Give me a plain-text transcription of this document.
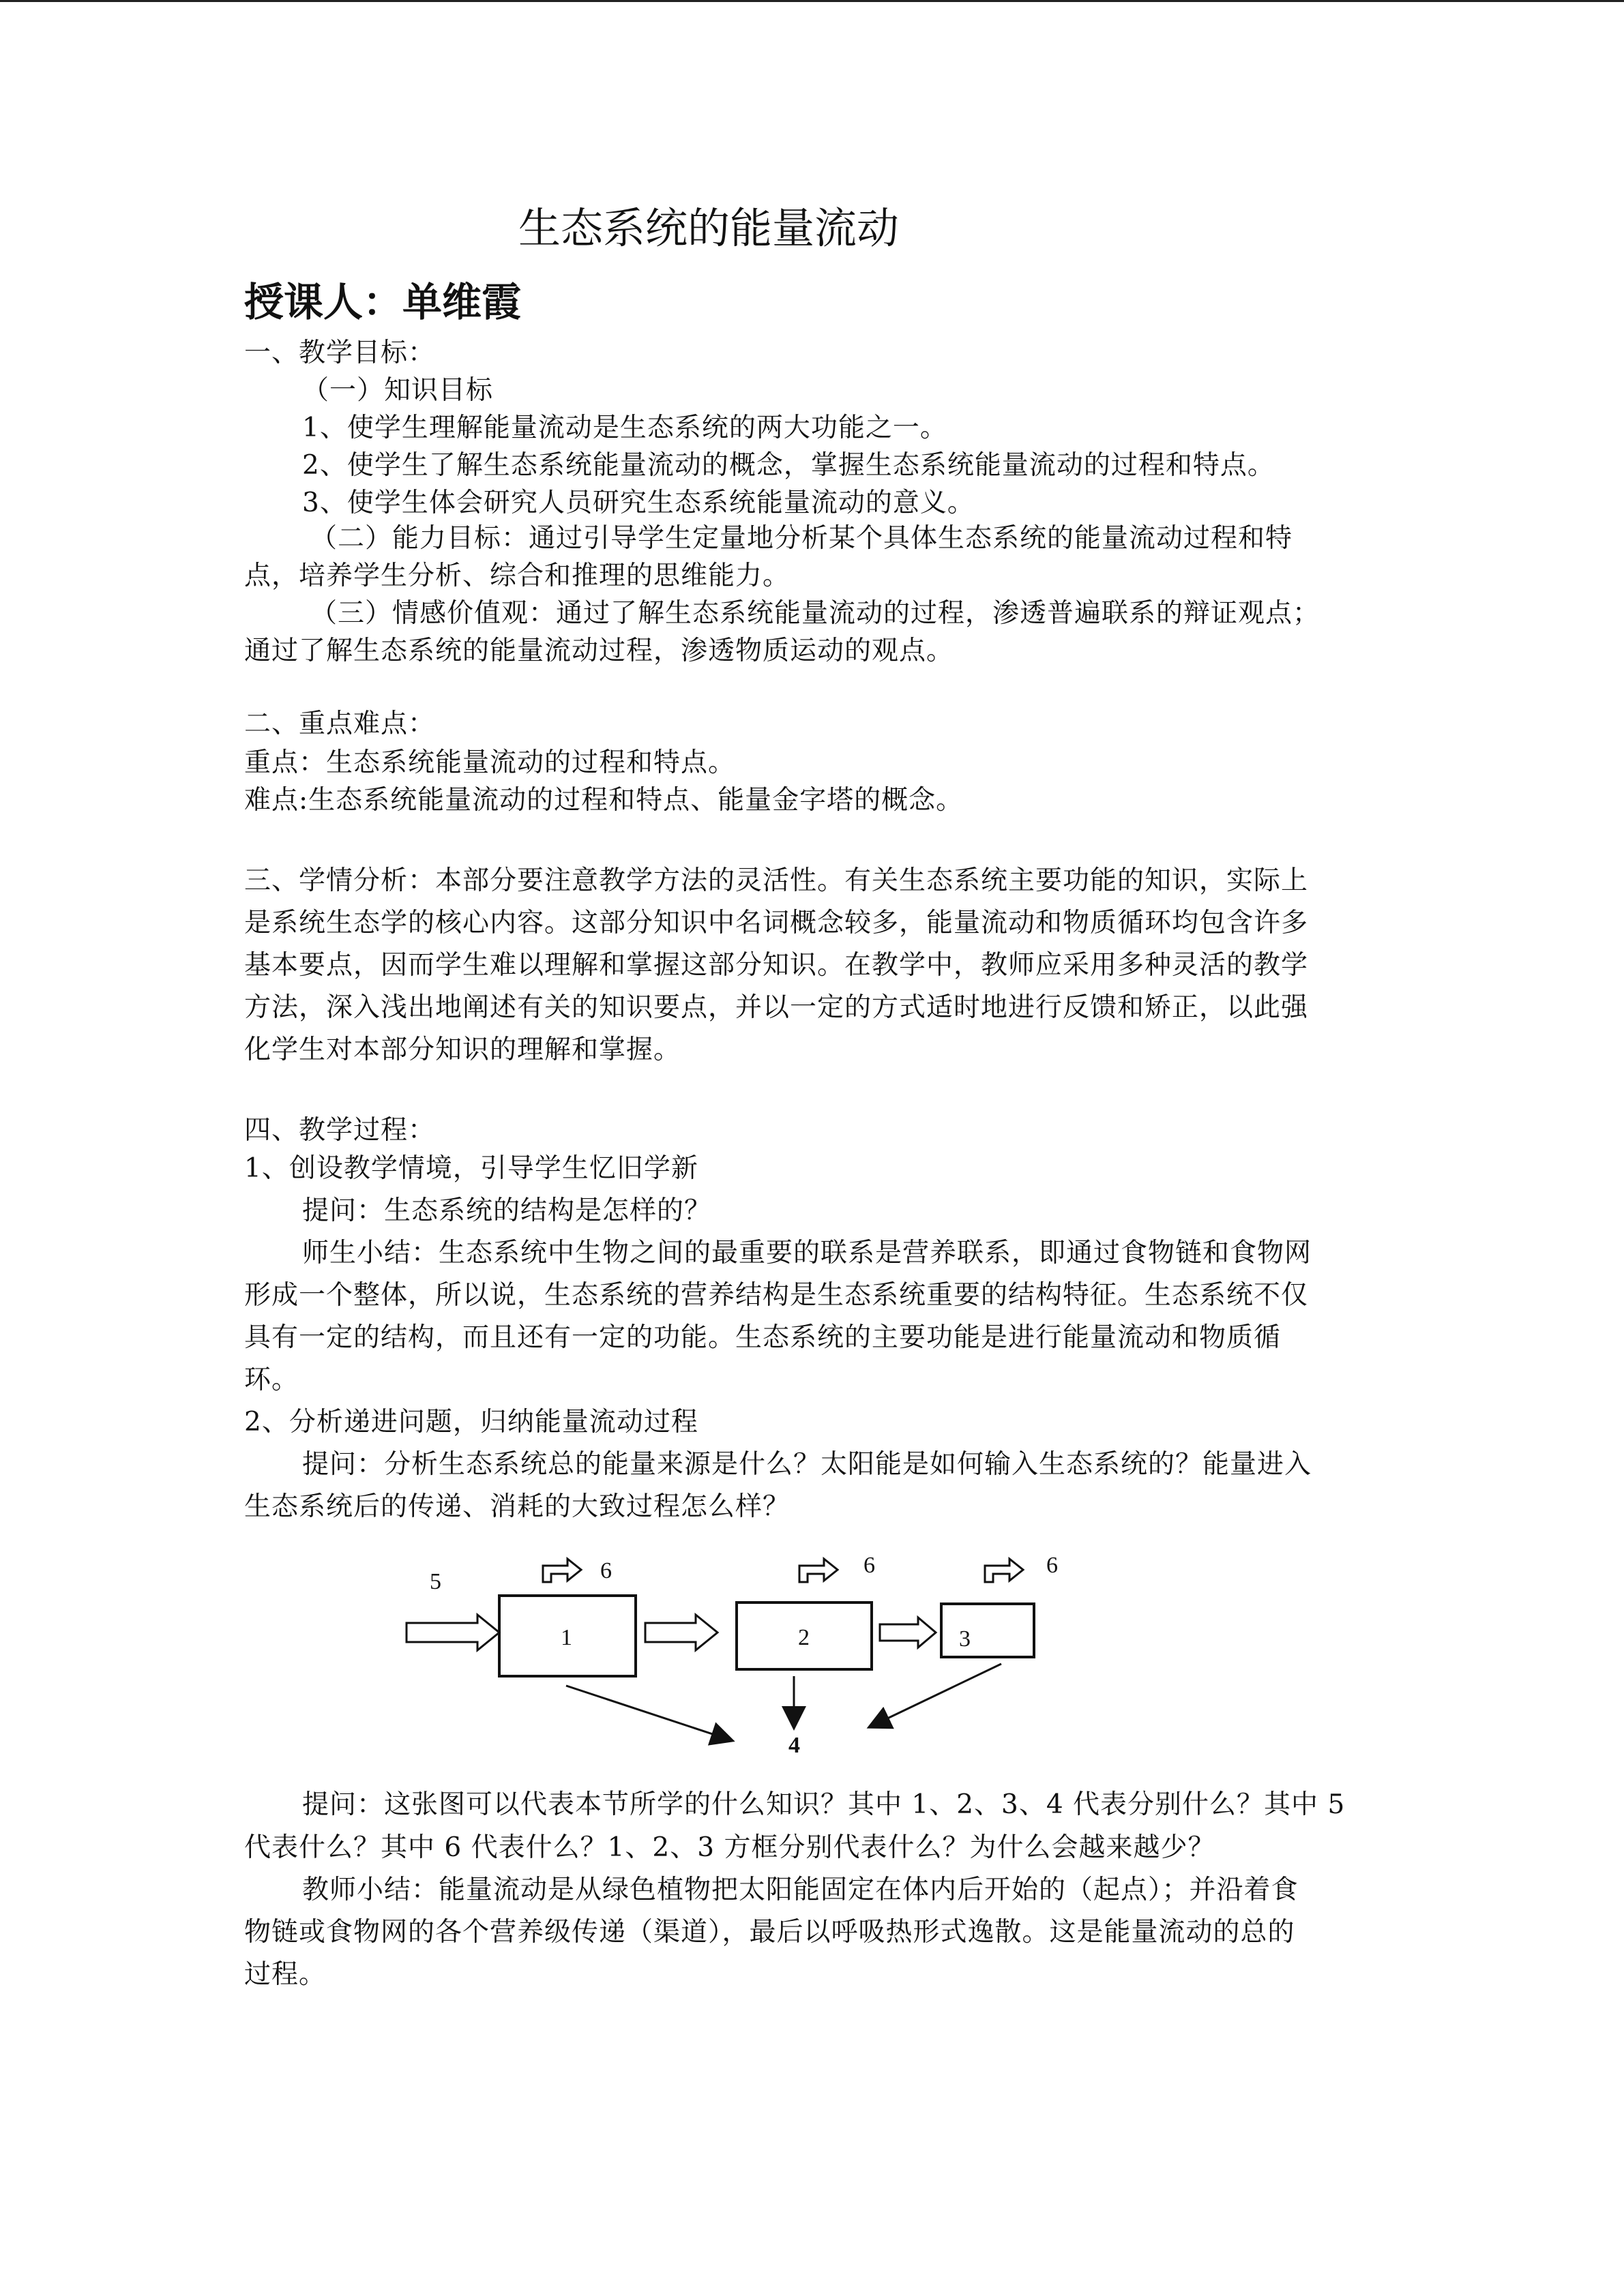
生态系统的能量流动
授课人：单维霞
一、教学目标：
（一）知识目标
1、使学生理解能量流动是生态系统的两大功能之一。
2、使学生了解生态系统能量流动的概念，掌握生态系统能量流动的过程和特点。
3、使学生体会研究人员研究生态系统能量流动的意义。
（二）能力目标：通过引导学生定量地分析某个具体生态系统的能量流动过程和特
点，培养学生分析、综合和推理的思维能力。
（三）情感价值观：通过了解生态系统能量流动的过程，渗透普遍联系的辩证观点；
通过了解生态系统的能量流动过程，渗透物质运动的观点。
二、重点难点：
重点：生态系统能量流动的过程和特点。
难点:生态系统能量流动的过程和特点、能量金字塔的概念。
三、学情分析：本部分要注意教学方法的灵活性。有关生态系统主要功能的知识，实际上
是系统生态学的核心内容。这部分知识中名词概念较多，能量流动和物质循环均包含许多
基本要点，因而学生难以理解和掌握这部分知识。在教学中，教师应采用多种灵活的教学
方法，深入浅出地阐述有关的知识要点，并以一定的方式适时地进行反馈和矫正，以此强
化学生对本部分知识的理解和掌握。
四、教学过程：
1、创设教学情境，引导学生忆旧学新
提问：生态系统的结构是怎样的？
师生小结：生态系统中生物之间的最重要的联系是营养联系，即通过食物链和食物网
形成一个整体，所以说，生态系统的营养结构是生态系统重要的结构特征。生态系统不仅
具有一定的结构，而且还有一定的功能。生态系统的主要功能是进行能量流动和物质循
环。
2、分析递进问题，归纳能量流动过程
提问：分析生态系统总的能量来源是什么？太阳能是如何输入生态系统的？能量进入
生态系统后的传递、消耗的大致过程怎么样？
5
1	2	3
6	6	6
4
提问：这张图可以代表本节所学的什么知识？其中 1、2、3、4 代表分别什么？其中 5
代表什么？其中 6 代表什么？1、2、3 方框分别代表什么？为什么会越来越少？
教师小结：能量流动是从绿色植物把太阳能固定在体内后开始的（起点）；并沿着食
物链或食物网的各个营养级传递（渠道），最后以呼吸热形式逸散。这是能量流动的总的
过程。
